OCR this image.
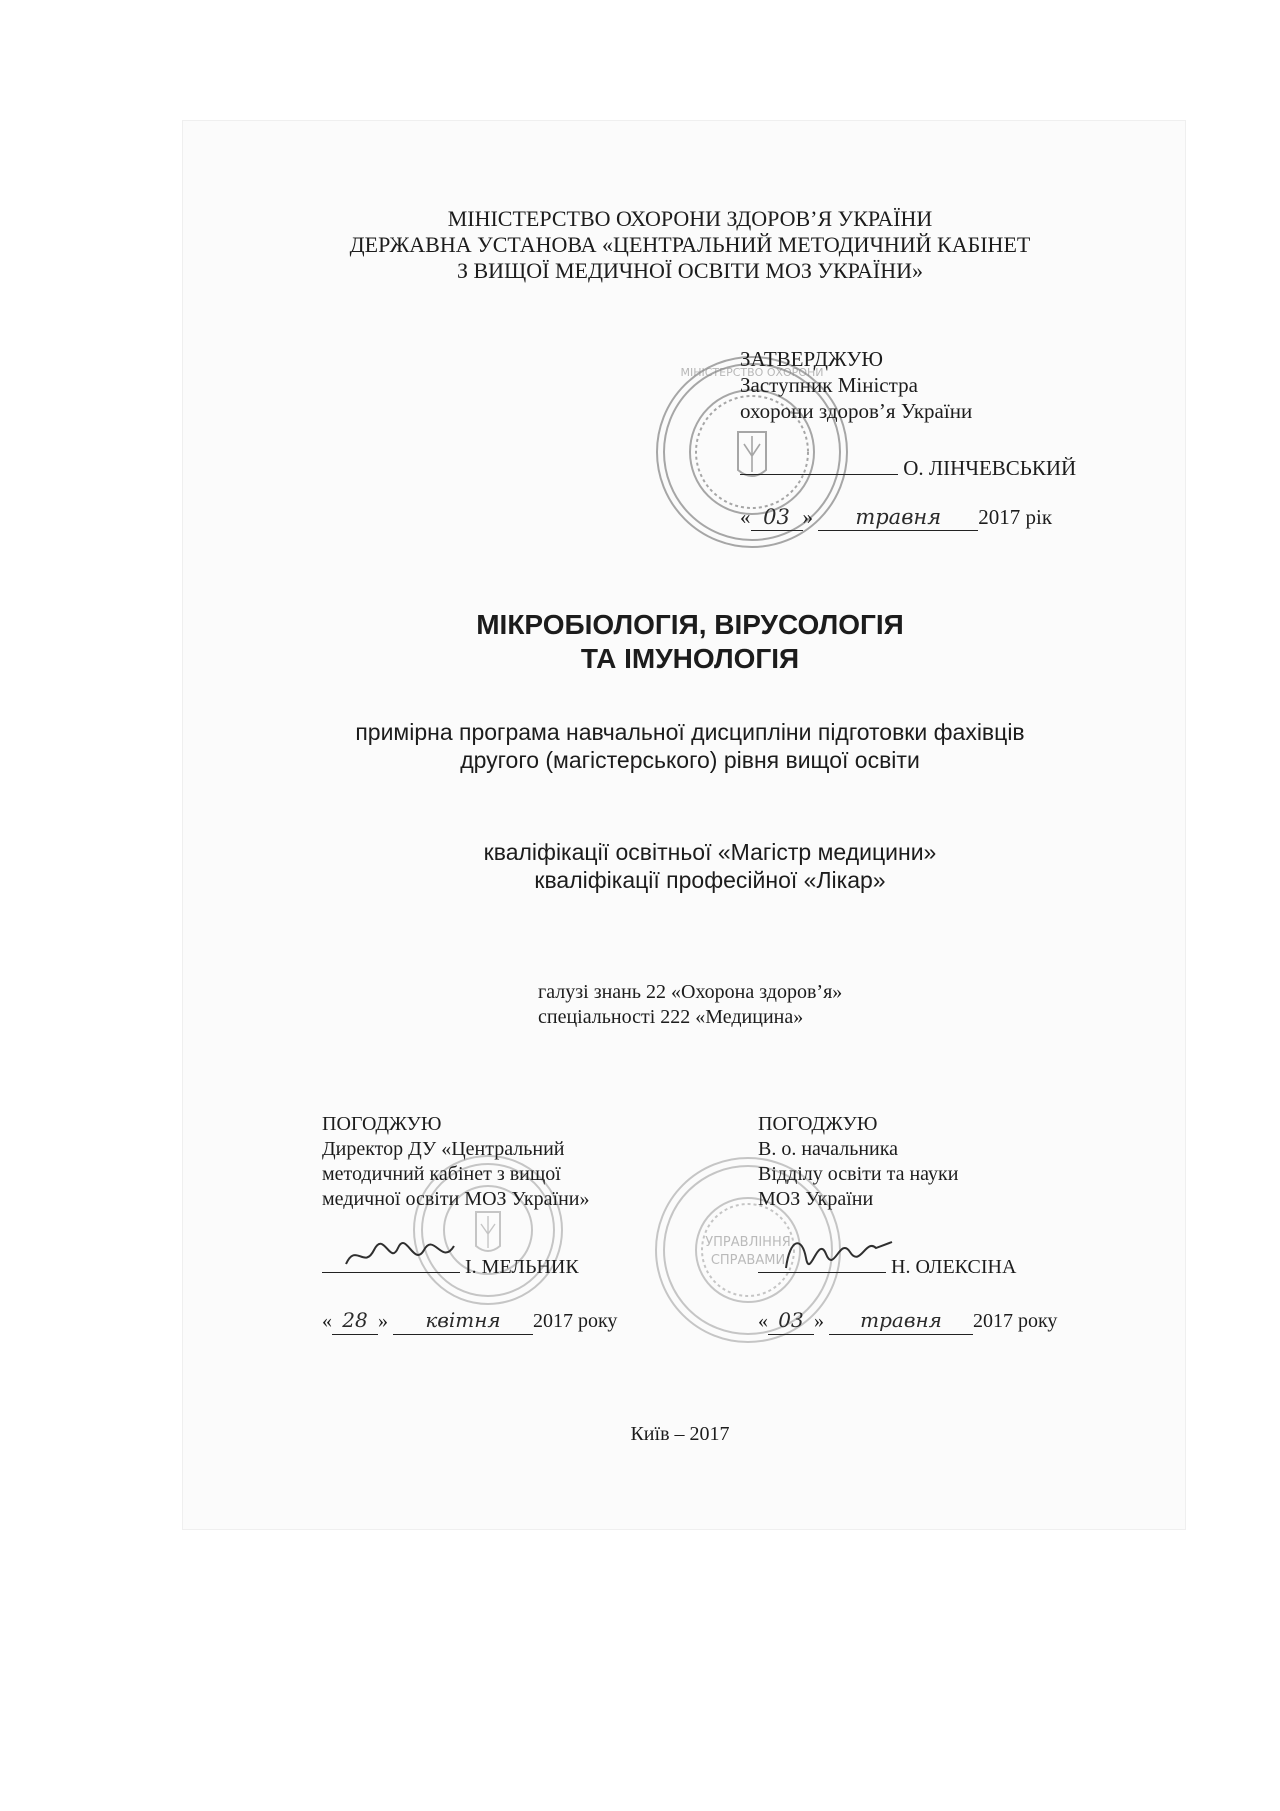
МІНІСТЕРСТВО ОХОРОНИ ЗДОРОВ’Я УКРАЇНИ
ДЕРЖАВНА УСТАНОВА «ЦЕНТРАЛЬНИЙ МЕТОДИЧНИЙ КАБІНЕТ
З ВИЩОЇ МЕДИЧНОЇ ОСВІТИ МОЗ УКРАЇНИ»
МІНІСТЕРСТВО ОХОРОНИ
ЗАТВЕРДЖУЮ
Заступник Міністра
охорони здоров’я України
О. ЛІНЧЕВСЬКИЙ
« 03 » травня 2017 рік
МІКРОБІОЛОГІЯ, ВІРУСОЛОГІЯ
ТА ІМУНОЛОГІЯ
примірна програма навчальної дисципліни підготовки фахівців
другого (магістерського) рівня вищої освіти
кваліфікації освітньої «Магістр медицини»
кваліфікації професійної «Лікар»
галузі знань 22 «Охорона здоров’я»
спеціальності 222 «Медицина»
УПРАВЛІННЯ
СПРАВАМИ
ПОГОДЖУЮ
Директор ДУ «Центральний
методичний кабінет з вищої
медичної освіти МОЗ України»
І. МЕЛЬНИК
« 28 » квітня 2017 року
ПОГОДЖУЮ
В. о. начальника
Відділу освіти та науки
МОЗ України
Н. ОЛЕКСІНА
« 03 » травня 2017 року
Київ – 2017
